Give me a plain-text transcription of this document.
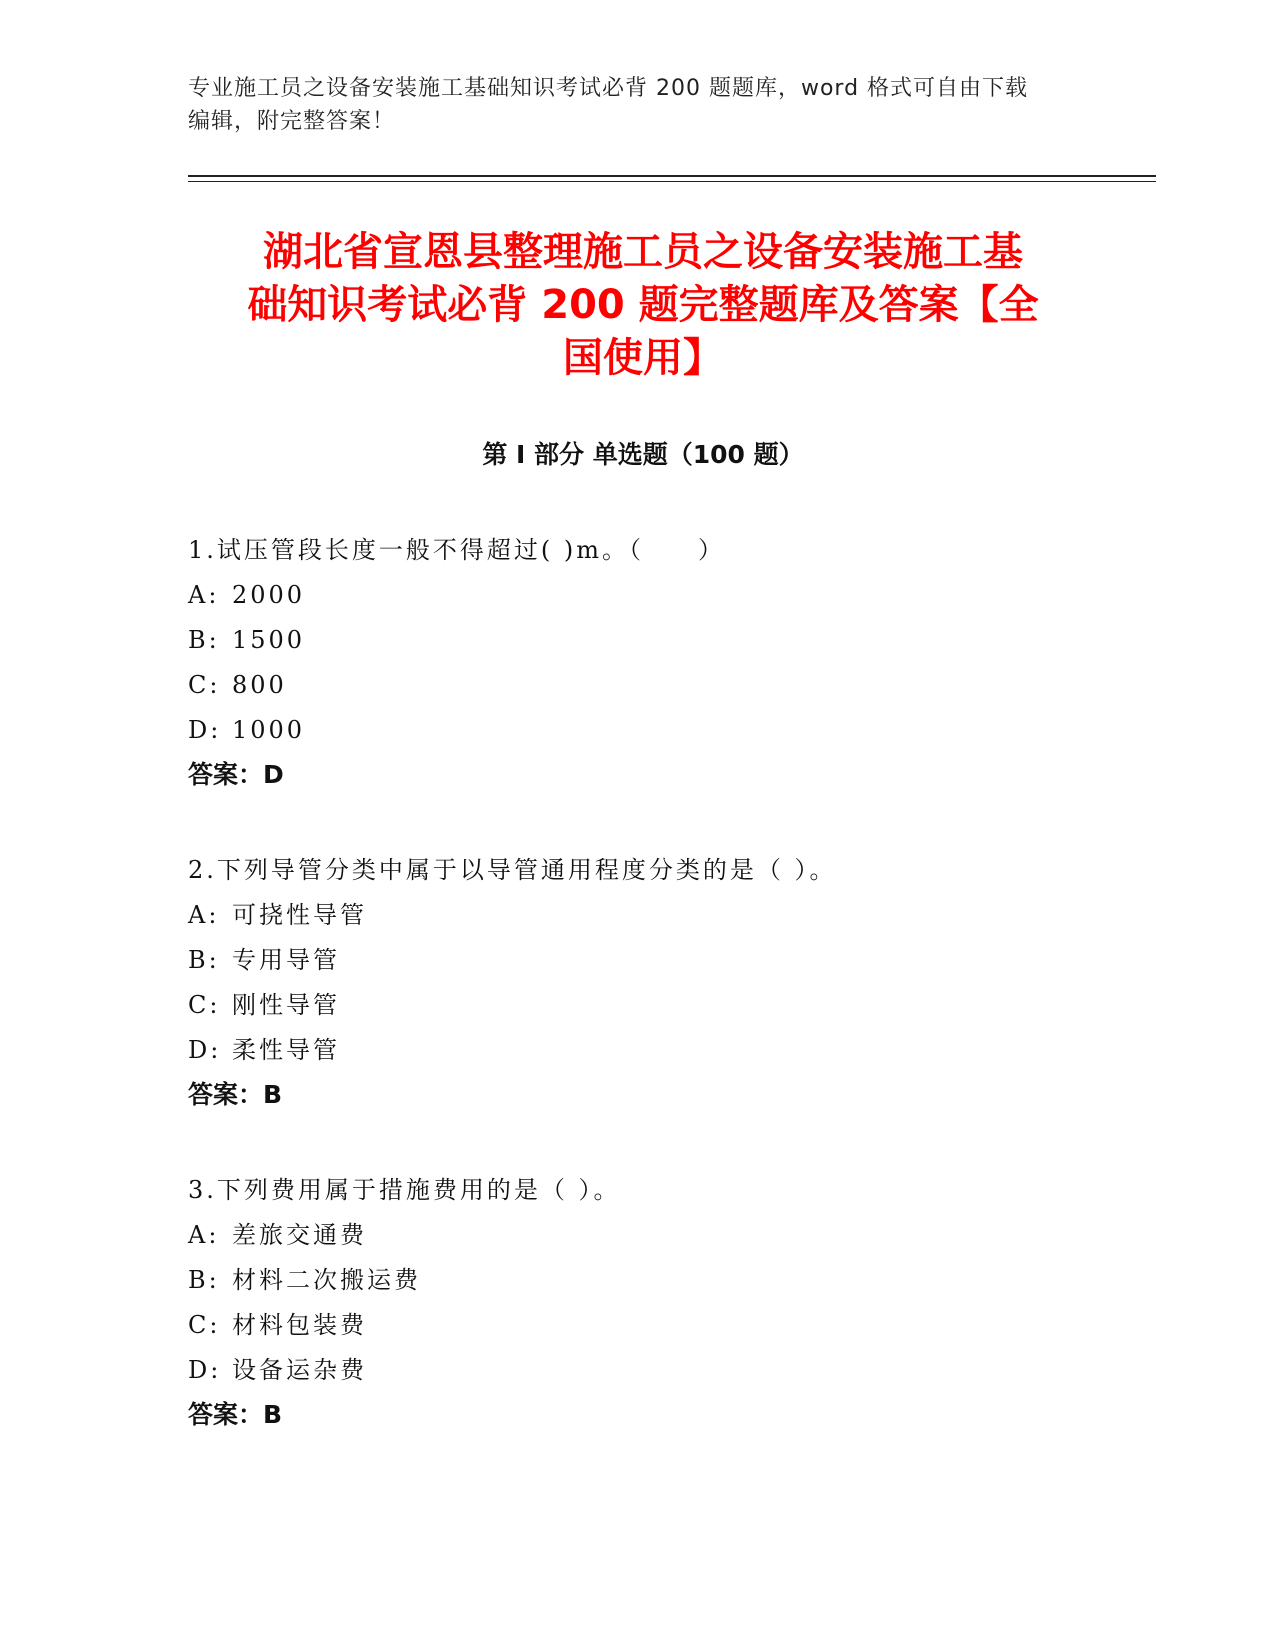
专业施工员之设备安装施工基础知识考试必背 200 题题库，word 格式可自由下载
编辑，附完整答案！
湖北省宣恩县整理施工员之设备安装施工基
础知识考试必背 200 题完整题库及答案【全
国使用】
第 I 部分 单选题（100 题）
1.试压管段长度一般不得超过( )m。（　　）
A: 2000
B: 1500
C: 800
D: 1000
答案：D
2.下列导管分类中属于以导管通用程度分类的是（ ）。
A: 可挠性导管
B: 专用导管
C: 刚性导管
D: 柔性导管
答案：B
3.下列费用属于措施费用的是（ ）。
A: 差旅交通费
B: 材料二次搬运费
C: 材料包装费
D: 设备运杂费
答案：B
